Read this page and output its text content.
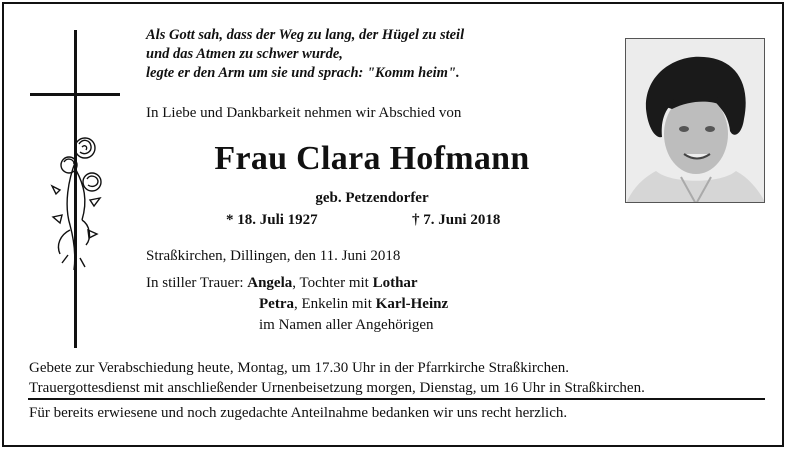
Als Gott sah, dass der Weg zu lang, der Hügel zu steil
und das Atmen zu schwer wurde,
legte er den Arm um sie und sprach: "Komm heim".
In Liebe und Dankbarkeit nehmen wir Abschied von
Frau Clara Hofmann
geb. Petzendorfer
* 18. Juli 1927	† 7. Juni 2018
Straßkirchen, Dillingen, den 11. Juni 2018
In stiller Trauer: Angela, Tochter mit Lothar
Petra, Enkelin mit Karl-Heinz
im Namen aller Angehörigen
Gebete zur Verabschiedung heute, Montag, um 17.30 Uhr in der Pfarrkirche Straßkirchen.
Trauergottesdienst mit anschließender Urnenbeisetzung morgen, Dienstag, um 16 Uhr in Straßkirchen.
Für bereits erwiesene und noch zugedachte Anteilnahme bedanken wir uns recht herzlich.
